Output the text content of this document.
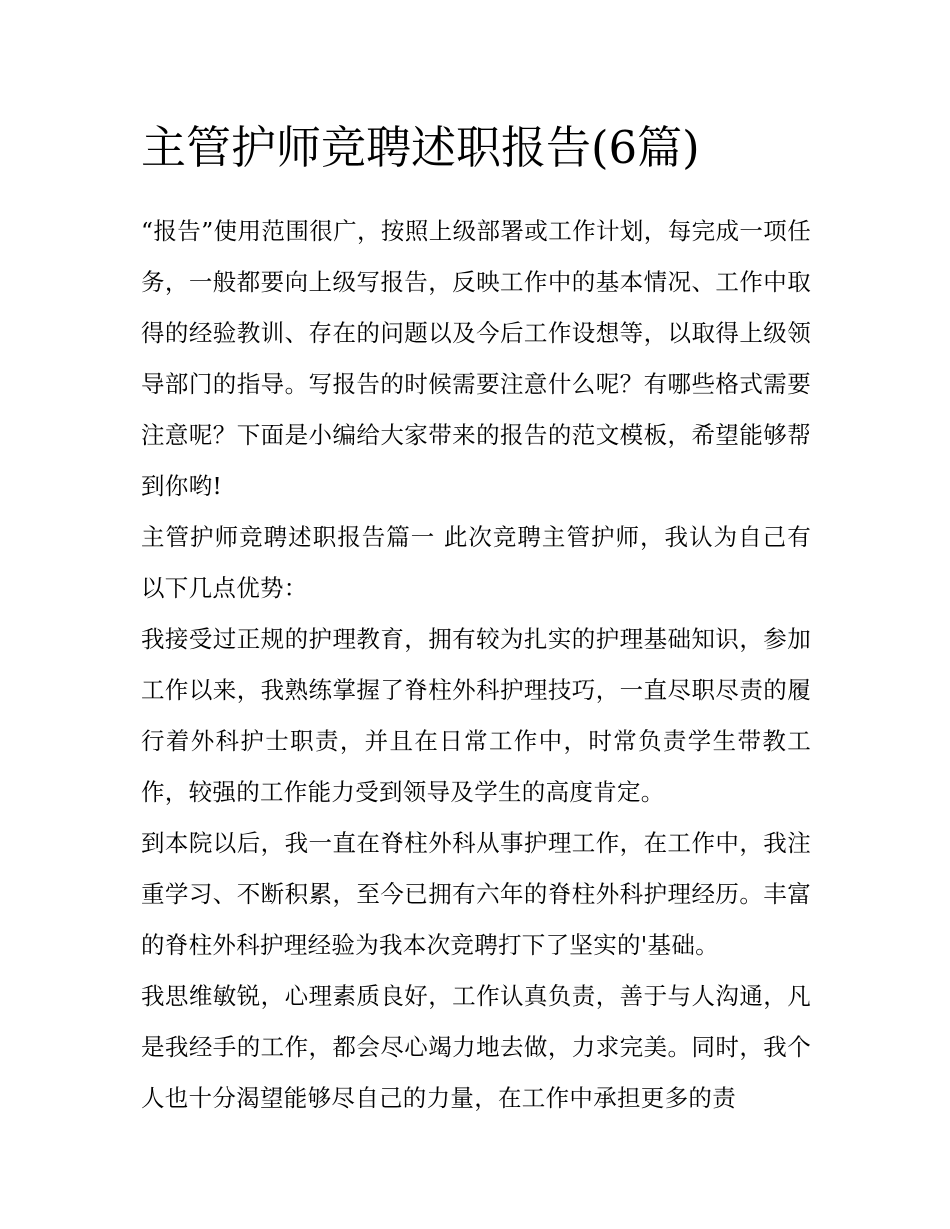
主管护师竞聘述职报告(6篇)

“报告”使用范围很广，按照上级部署或工作计划，每完成一项任务，一般都要向上级写报告，反映工作中的基本情况、工作中取得的经验教训、存在的问题以及今后工作设想等，以取得上级领导部门的指导。写报告的时候需要注意什么呢？有哪些格式需要注意呢？下面是小编给大家带来的报告的范文模板，希望能够帮到你哟!

主管护师竞聘述职报告篇一 此次竞聘主管护师，我认为自己有以下几点优势：

我接受过正规的护理教育，拥有较为扎实的护理基础知识，参加工作以来，我熟练掌握了脊柱外科护理技巧，一直尽职尽责的履行着外科护士职责，并且在日常工作中，时常负责学生带教工作，较强的工作能力受到领导及学生的高度肯定。

到本院以后，我一直在脊柱外科从事护理工作，在工作中，我注重学习、不断积累，至今已拥有六年的脊柱外科护理经历。丰富的脊柱外科护理经验为我本次竞聘打下了坚实的'基础。

我思维敏锐，心理素质良好，工作认真负责，善于与人沟通，凡是我经手的工作，都会尽心竭力地去做，力求完美。同时，我个人也十分渴望能够尽自己的力量，在工作中承担更多的责
